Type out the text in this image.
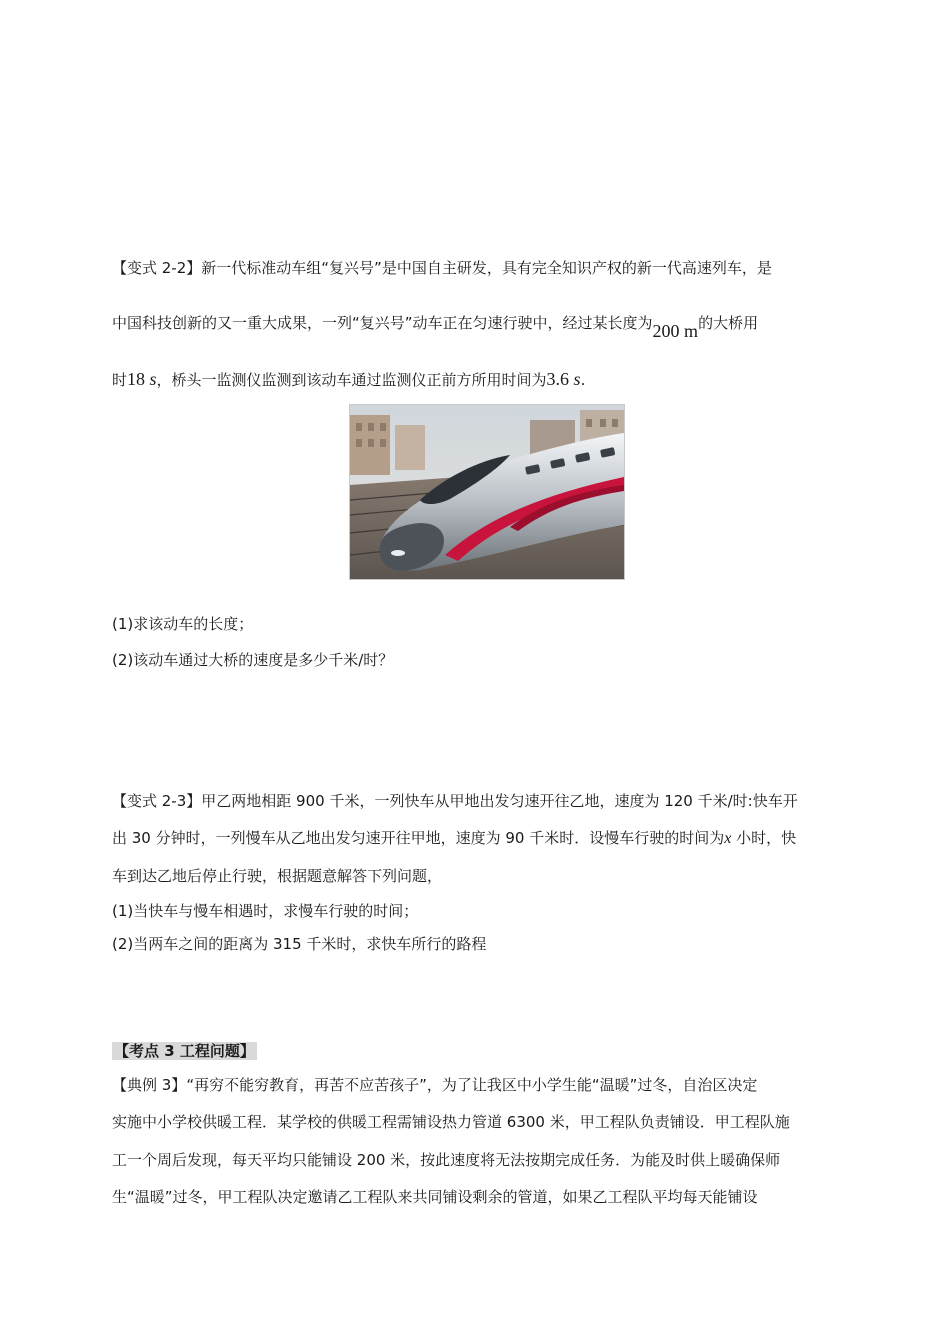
【变式 2-2】新一代标准动车组“复兴号”是中国自主研发，具有完全知识产权的新一代高速列车，是
中国科技创新的又一重大成果，一列“复兴号”动车正在匀速行驶中，经过某长度为200 m的大桥用
时18 s，桥头一监测仪监测到该动车通过监测仪正前方所用时间为3.6 s.
(1)求该动车的长度；
(2)该动车通过大桥的速度是多少千米/时？
【变式 2-3】甲乙两地相距 900 千米，一列快车从甲地出发匀速开往乙地，速度为 120 千米/时:快车开
出 30 分钟时，一列慢车从乙地出发匀速开往甲地，速度为 90 千米时．设慢车行驶的时间为x 小时，快
车到达乙地后停止行驶，根据题意解答下列问题，
(1)当快车与慢车相遇时，求慢车行驶的时间；
(2)当两车之间的距离为 315 千米时，求快车所行的路程
【考点 3 工程问题】
【典例 3】“再穷不能穷教育，再苦不应苦孩子”，为了让我区中小学生能“温暖”过冬，自治区决定
实施中小学校供暖工程．某学校的供暖工程需铺设热力管道 6300 米，甲工程队负责铺设．甲工程队施
工一个周后发现，每天平均只能铺设 200 米，按此速度将无法按期完成任务．为能及时供上暖确保师
生“温暖”过冬，甲工程队决定邀请乙工程队来共同铺设剩余的管道，如果乙工程队平均每天能铺设
